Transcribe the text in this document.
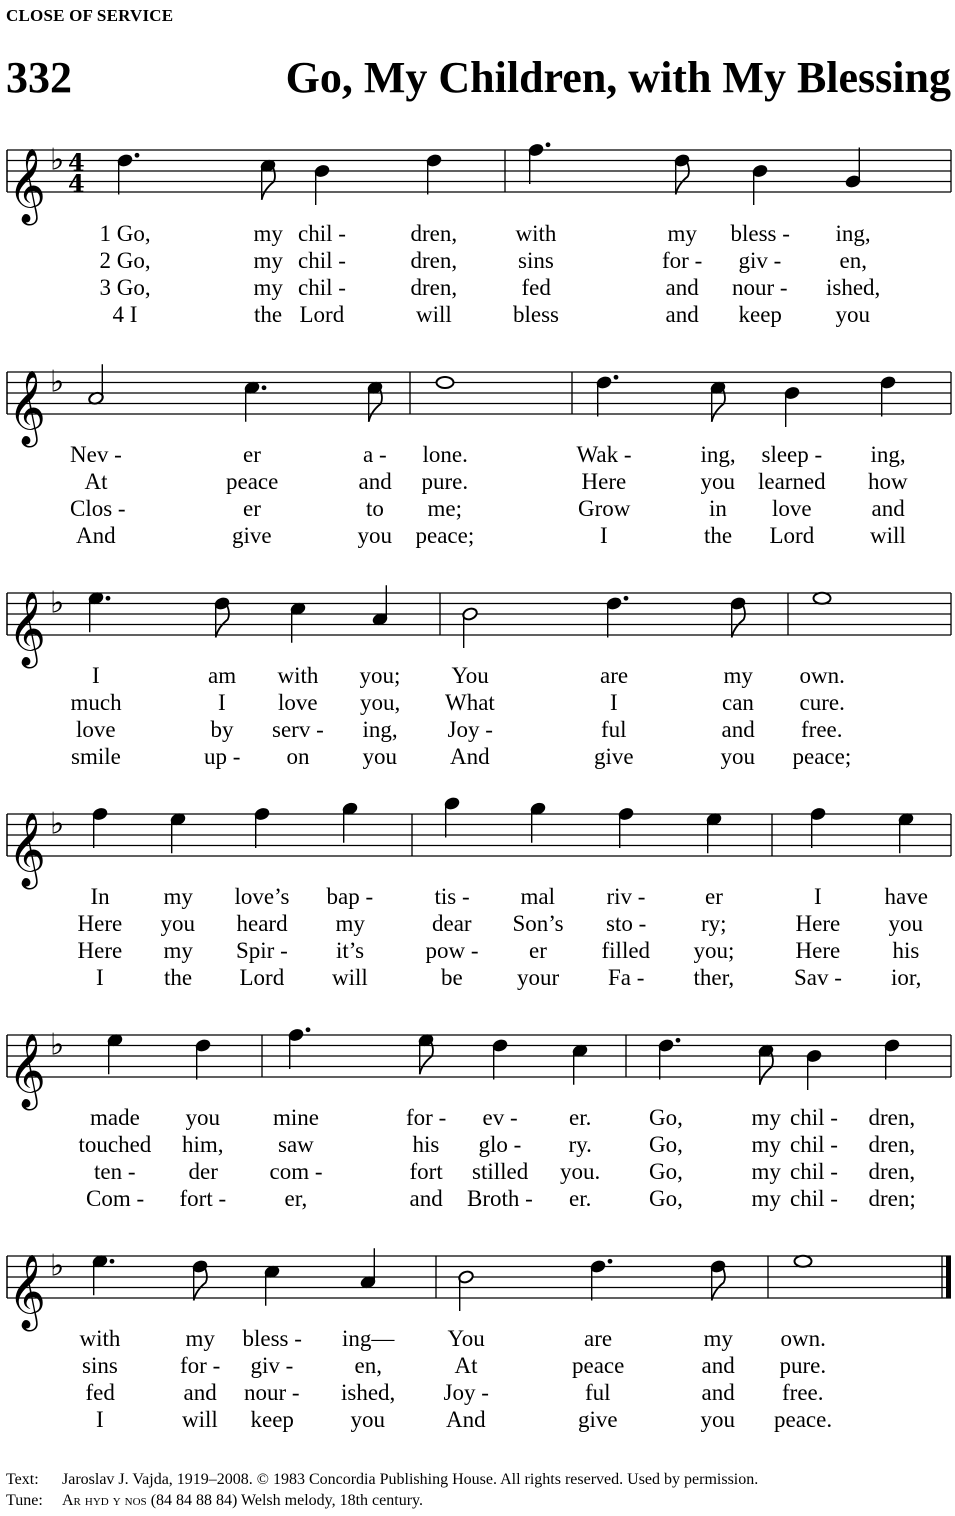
CLOSE OF SERVICE
332	Go, My Children, with My Blessing
𝄞 ♭ 4
4
𝄞 ♭
𝄞 ♭
𝄞 ♭
𝄞 ♭
𝄞 ♭
1 Go,	my chil -	dren,	with	my bless - ing,
2 Go,	my chil -	dren,	sins	for - giv -	en,
3 Go,	my chil -	dren,	fed	and nour - ished,
4 I	the Lord	will	bless	and keep you
Nev -	er	a - lone.	Wak -	ing, sleep - ing,
At	peace	and pure.	Here	you learned how
Clos -	er	to me;	Grow	in love	and
And	give	you peace;	I	the Lord will
I	am with you; You	are	my own.
much	I love you, What	I	can cure.
love	by serv - ing, Joy -	ful	and free.
smile	up - on you And	give	you peace;
In my love’s bap -	tis - mal riv -	er	I	have
Here you heard my	dear Son’s sto - ry;	Here you
Here my Spir - it’s	pow - er filled you;	Here his
I	the Lord will	be your Fa - ther,	Sav - ior,
made you mine	for - ev - er.	Go,	my chil - dren,
touched him, saw	his glo - ry. Go,	my chil - dren,
ten - der com -	fort stilled you. Go,	my chil - dren,
Com - fort -	er,	and Broth - er.	Go,	my chil - dren;
with	my bless - ing— You	are	my own.
sins	for - giv -	en,	At	peace	and pure.
fed	and nour - ished, Joy -	ful	and free.
I	will keep you	And	give	you peace.
Text: Jaroslav J. Vajda, 1919–2008. © 1983 Concordia Publishing House. All rights reserved. Used by permission.
Tune: Ar hyd y nos (84 84 88 84) Welsh melody, 18th century.
